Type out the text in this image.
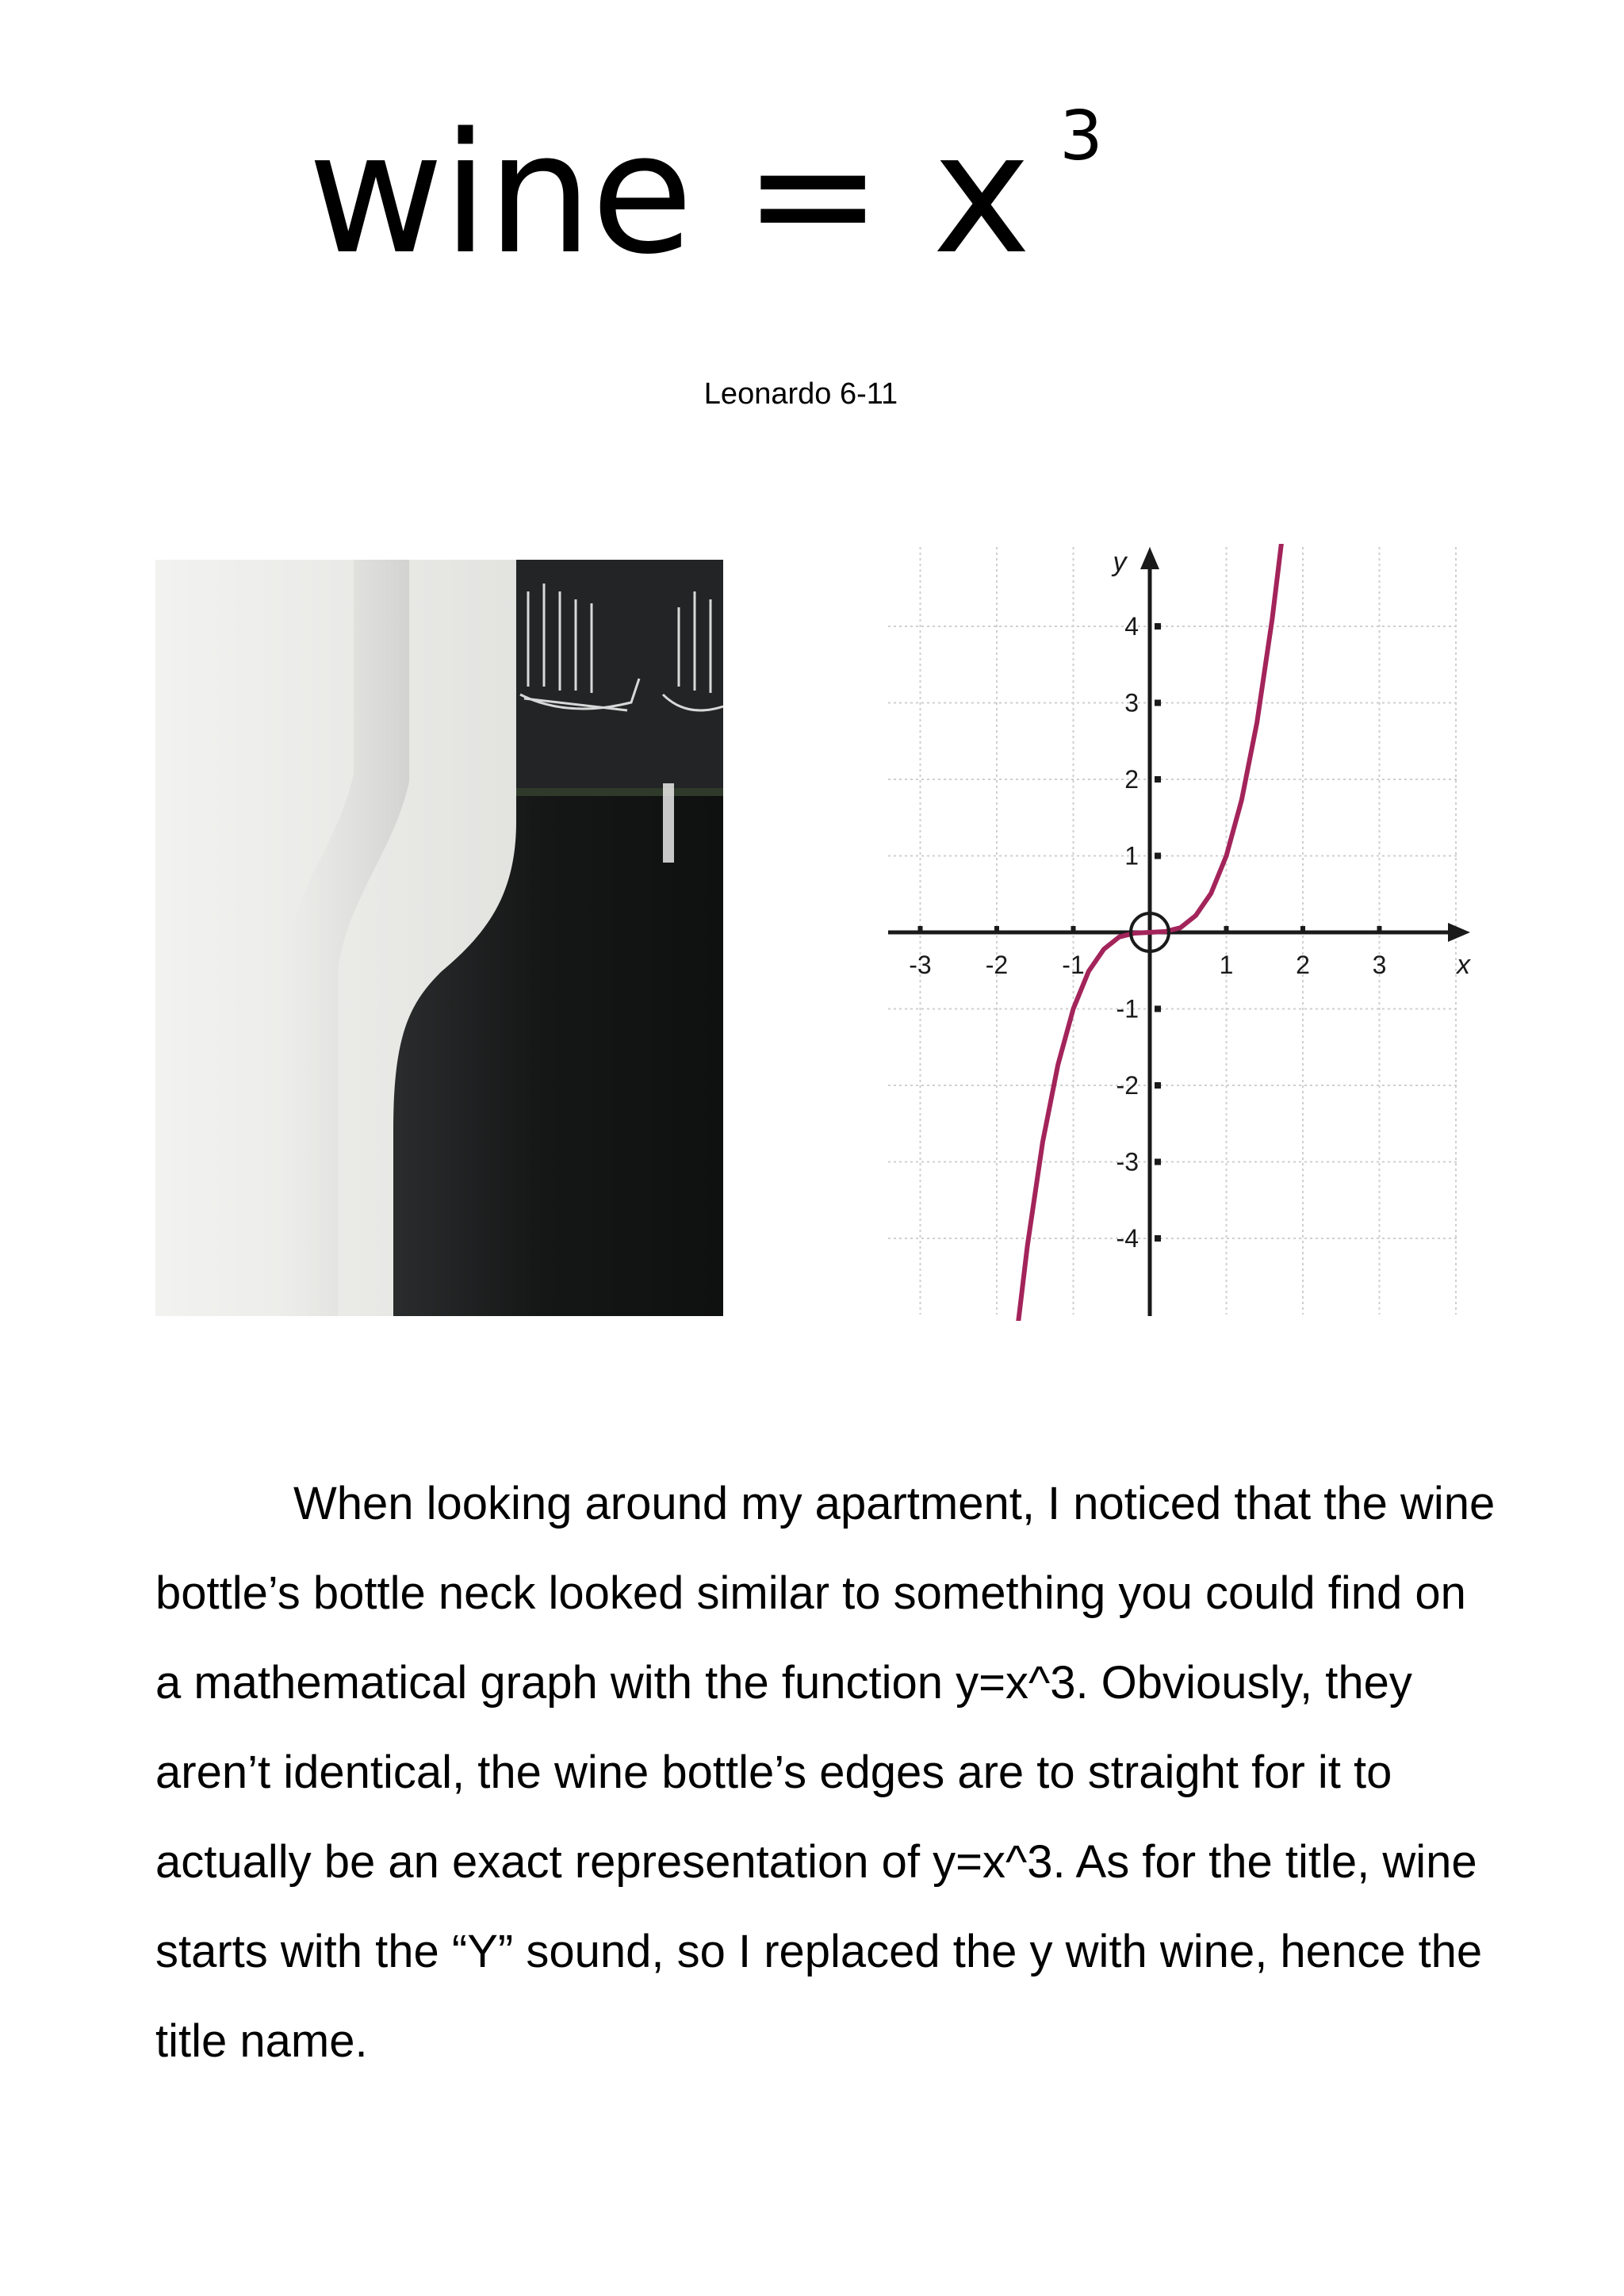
wine = x 3
Leonardo 6-11
-3 -2 -1	1 2 3
4
3
2
1
-1
-2
-3
-4
x
y

When looking around my apartment, I noticed that the wine bottle’s bottle neck looked similar to something you could find on a mathematical graph with the function y=x^3. Obviously, they aren’t identical, the wine bottle’s edges are to straight for it to actually be an exact representation of y=x^3. As for the title, wine starts with the “Y” sound, so I replaced the y with wine, hence the title name.
